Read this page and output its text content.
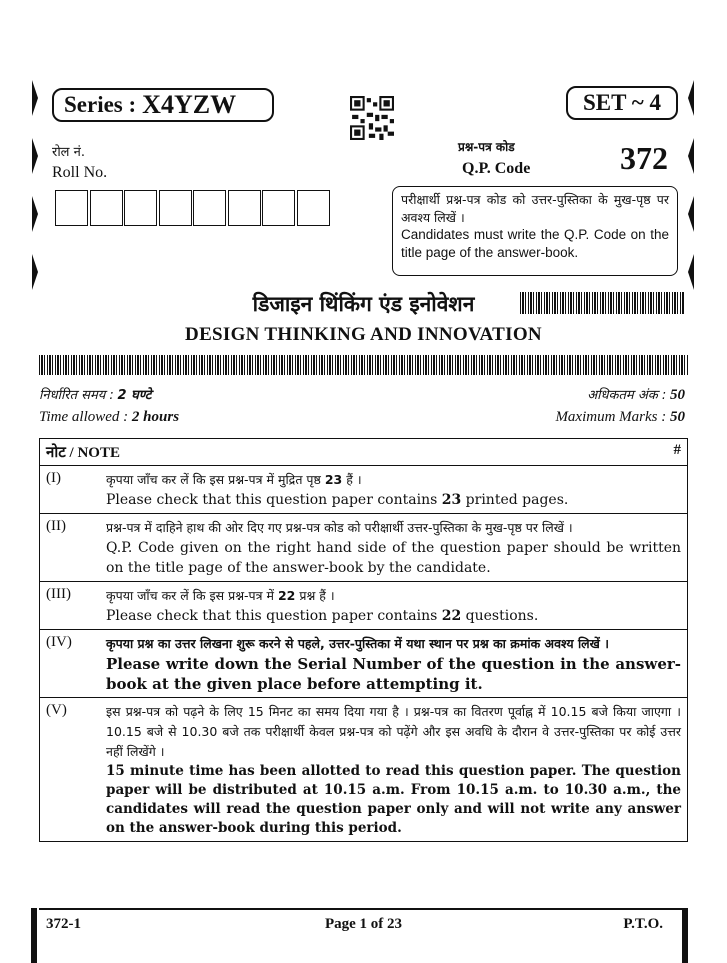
Series : X4YZW	SET ~ 4
रोल नं.
Roll No.
प्रश्न-पत्र कोड
Q.P. Code	372
परीक्षार्थी प्रश्न-पत्र कोड को उत्तर-पुस्तिका के मुख-पृष्ठ पर अवश्य लिखें ।
Candidates must write the Q.P. Code on the title page of the answer-book.
डिजाइन थिंकिंग एंड इनोवेशन
DESIGN THINKING AND INNOVATION
निर्धारित समय : 2 घण्टे	अधिकतम अंक : 50
Time allowed : 2 hours	Maximum Marks : 50
नोट / NOTE	#
(I)	कृपया जाँच कर लें कि इस प्रश्न-पत्र में मुद्रित पृष्ठ 23 हैं ।
Please check that this question paper contains 23 printed pages.
(II)	प्रश्न-पत्र में दाहिने हाथ की ओर दिए गए प्रश्न-पत्र कोड को परीक्षार्थी उत्तर-पुस्तिका के मुख-पृष्ठ पर लिखें ।
Q.P. Code given on the right hand side of the question paper should be written on the title page of the answer-book by the candidate.
(III)	कृपया जाँच कर लें कि इस प्रश्न-पत्र में 22 प्रश्न हैं ।
Please check that this question paper contains 22 questions.
(IV)	कृपया प्रश्न का उत्तर लिखना शुरू करने से पहले, उत्तर-पुस्तिका में यथा स्थान पर प्रश्न का क्रमांक अवश्य लिखें ।
Please write down the Serial Number of the question in the answer-book at the given place before attempting it.
(V)	इस प्रश्न-पत्र को पढ़ने के लिए 15 मिनट का समय दिया गया है । प्रश्न-पत्र का वितरण पूर्वाह्न में 10.15 बजे किया जाएगा । 10.15 बजे से 10.30 बजे तक परीक्षार्थी केवल प्रश्न-पत्र को पढ़ेंगे और इस अवधि के दौरान वे उत्तर-पुस्तिका पर कोई उत्तर नहीं लिखेंगे ।
15 minute time has been allotted to read this question paper. The question paper will be distributed at 10.15 a.m. From 10.15 a.m. to 10.30 a.m., the candidates will read the question paper only and will not write any answer on the answer-book during this period.
372-1	Page 1 of 23	P.T.O.
